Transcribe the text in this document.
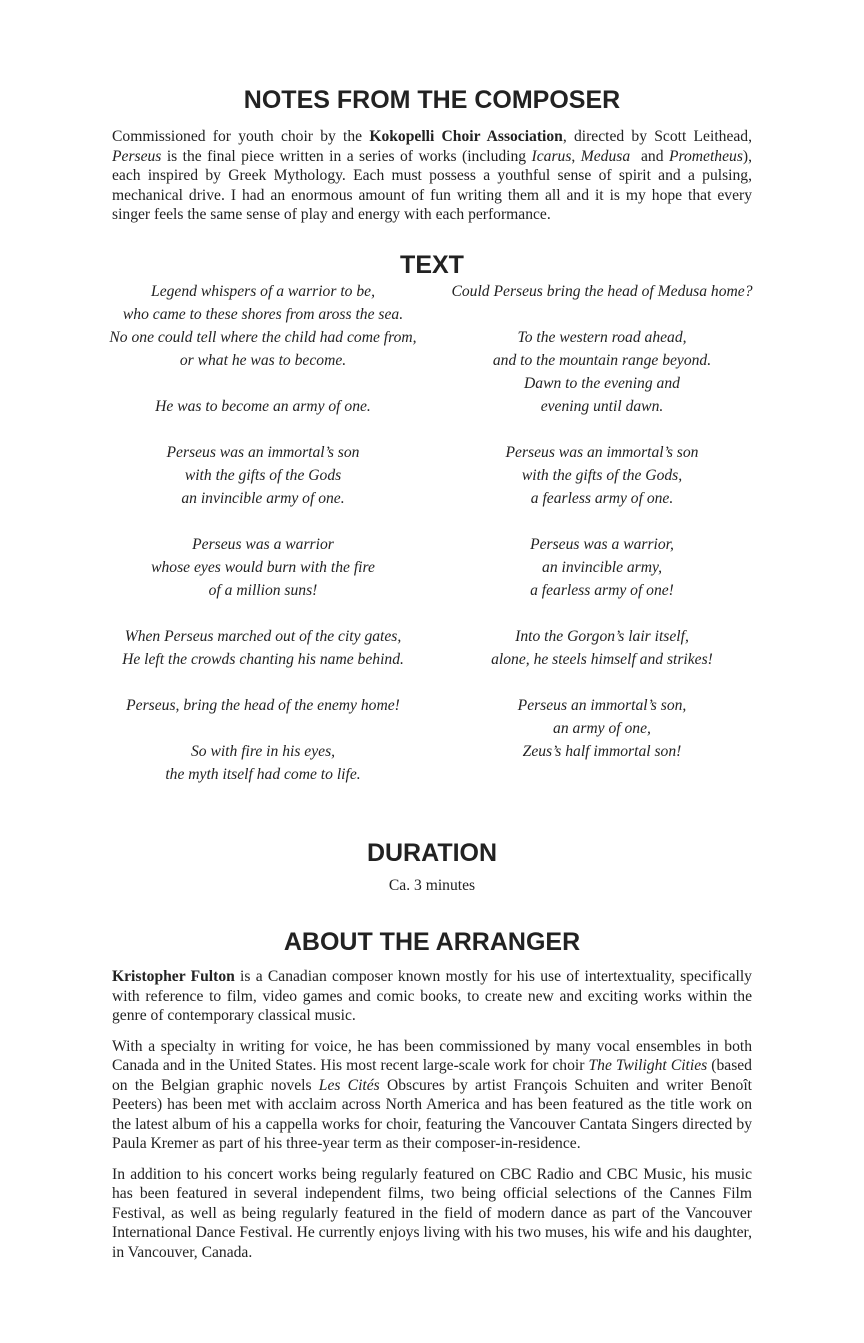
NOTES FROM THE COMPOSER

Commissioned for youth choir by the Kokopelli Choir Association, directed by Scott Leithead, Perseus is the final piece written in a series of works (including Icarus, Medusa  and Prometheus), each inspired by Greek Mythology. Each must possess a youthful sense of spirit and a pulsing, mechanical drive. I had an enormous amount of fun writing them all and it is my hope that every singer feels the same sense of play and energy with each performance.

TEXT
Legend whispers of a warrior to be,
who came to these shores from aross the sea.
No one could tell where the child had come from,
or what he was to become.
He was to become an army of one.
Perseus was an immortal’s son
with the gifts of the Gods
an invincible army of one.
Perseus was a warrior
whose eyes would burn with the fire
of a million suns!
When Perseus marched out of the city gates,
He left the crowds chanting his name behind.
Perseus, bring the head of the enemy home!
So with fire in his eyes,
the myth itself had come to life.
Could Perseus bring the head of Medusa home?
To the western road ahead,
and to the mountain range beyond.
Dawn to the evening and
evening until dawn.
Perseus was an immortal’s son
with the gifts of the Gods,
a fearless army of one.
Perseus was a warrior,
an invincible army,
a fearless army of one!
Into the Gorgon’s lair itself,
alone, he steels himself and strikes!
Perseus an immortal’s son,
an army of one,
Zeus’s half immortal son!
DURATION

Ca. 3 minutes

ABOUT THE ARRANGER

Kristopher Fulton is a Canadian composer known mostly for his use of intertextuality, specifically with reference to film, video games and comic books, to create new and exciting works within the genre of contemporary classical music.

With a specialty in writing for voice, he has been commissioned by many vocal ensembles in both Canada and in the United States. His most recent large-scale work for choir The Twilight Cities (based on the Belgian graphic novels Les Cités Obscures by artist François Schuiten and writer Benoît Peeters) has been met with acclaim across North America and has been featured as the title work on the latest album of his a cappella works for choir, featuring the Vancouver Cantata Singers directed by Paula Kremer as part of his three-year term as their composer-in-residence.

In addition to his concert works being regularly featured on CBC Radio and CBC Music, his music has been featured in several independent films, two being official selections of the Cannes Film Festival, as well as being regularly featured in the field of modern dance as part of the Vancouver International Dance Festival. He currently enjoys living with his two muses, his wife and his daughter, in Vancouver, Canada.
